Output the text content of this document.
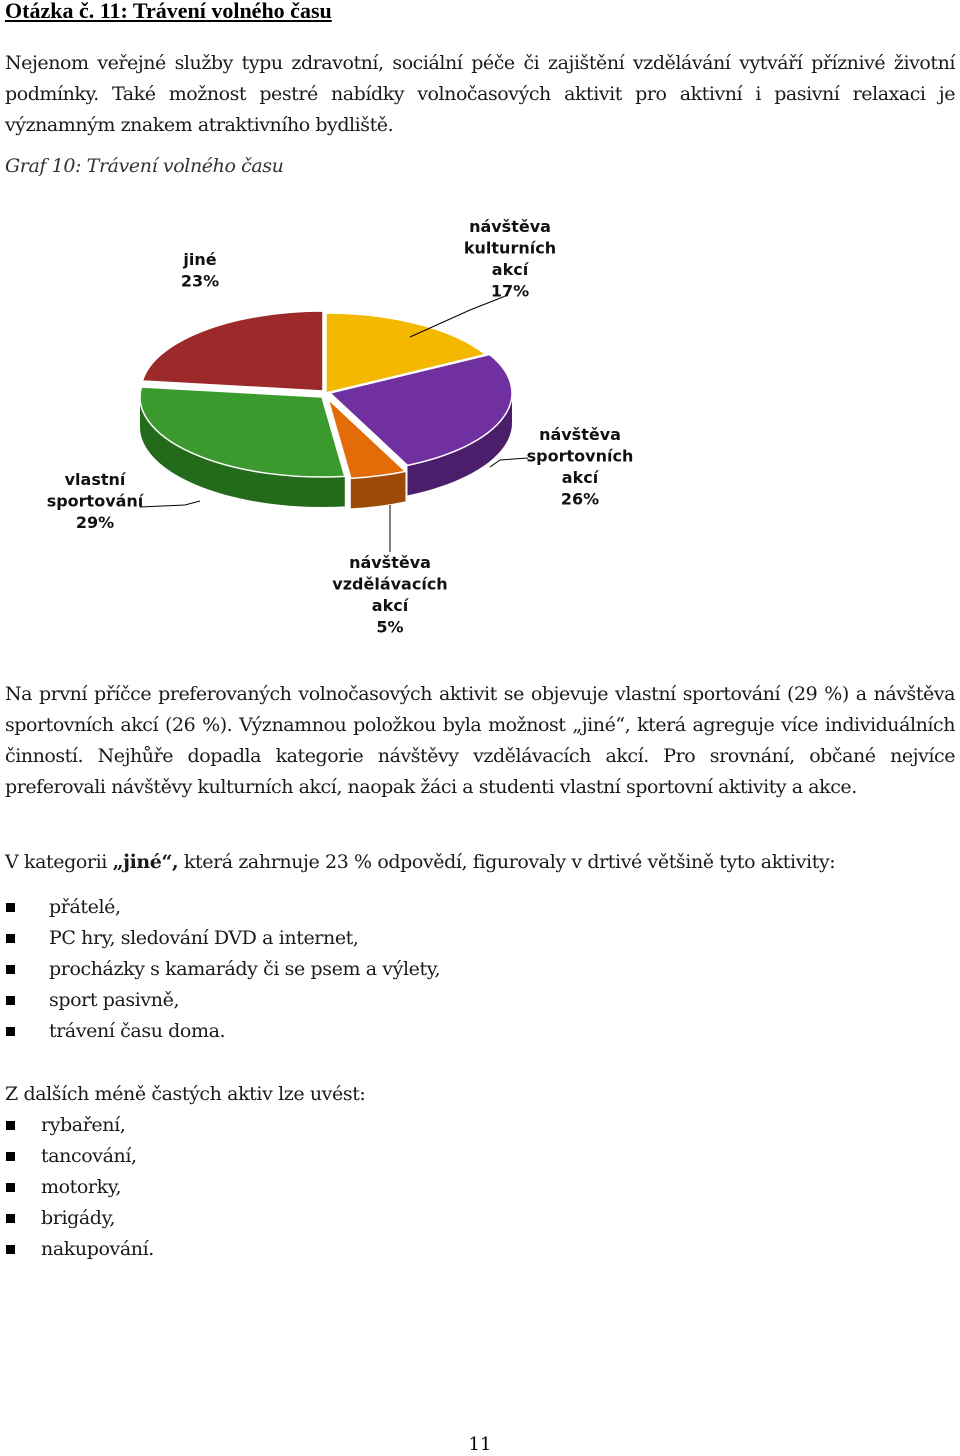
Otázka č. 11: Trávení volného času

Nejenom veřejné služby typu zdravotní, sociální péče či zajištění vzdělávání vytváří příznivé životní podmínky. Také možnost pestré nabídky volnočasových aktivit pro aktivní i pasivní relaxaci je významným znakem atraktivního bydliště.

Graf 10: Trávení volného času

návštěva kulturních akcí 17%
návštěva sportovních akcí 26%
návštěva vzdělávacích akcí 5%
vlastní sportování 29%
jiné 23%

Na první příčce preferovaných volnočasových aktivit se objevuje vlastní sportování (29 %) a návštěva sportovních akcí (26 %). Významnou položkou byla možnost „jiné“, která agreguje více individuálních činností. Nejhůře dopadla kategorie návštěvy vzdělávacích akcí. Pro srovnání, občané nejvíce preferovali návštěvy kulturních akcí, naopak žáci a studenti vlastní sportovní aktivity a akce.

V kategorii „jiné“, která zahrnuje 23 % odpovědí, figurovaly v drtivé většině tyto aktivity:

přátelé,
PC hry, sledování DVD a internet,
procházky s kamarády či se psem a výlety,
sport pasivně,
trávení času doma.

Z dalších méně častých aktiv lze uvést:

rybaření,
tancování,
motorky,
brigády,
nakupování.
11
